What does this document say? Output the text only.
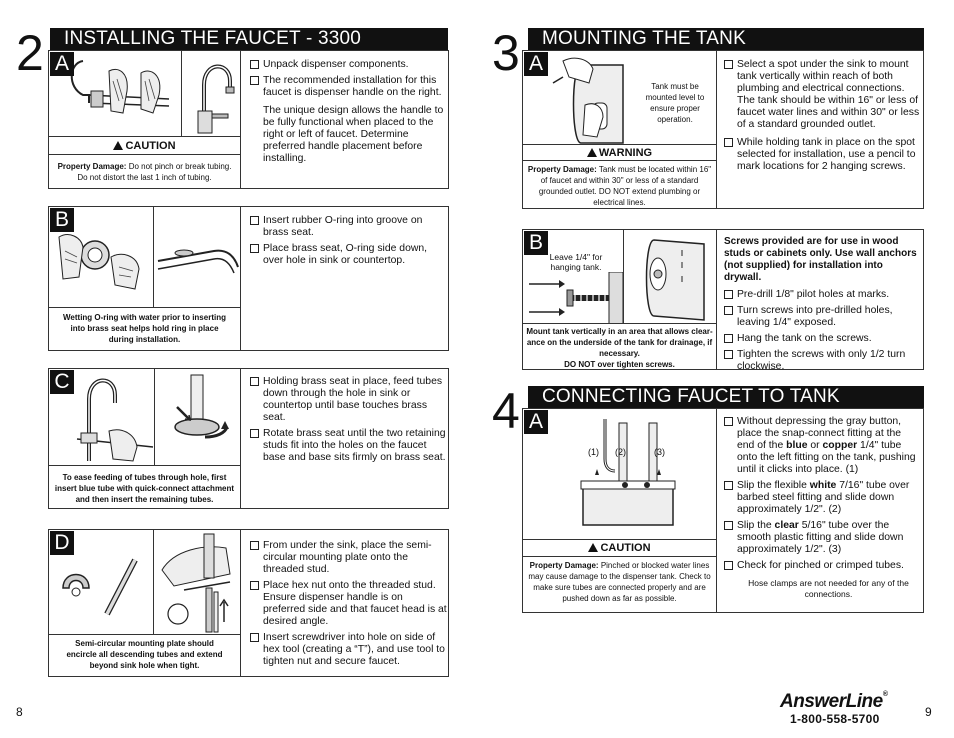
2	INSTALLING THE FAUCET - 3300
A
CAUTION
Property Damage: Do not pinch or break tubing. Do not distort the last 1 inch of tubing.
Unpack dispenser components.
The recommended installation for this faucet is dispenser handle on the right.
The unique design allows the handle to be fully functional when placed to the right or left of faucet. Determine preferred handle placement before installing.
B
Wetting O-ring with water prior to inserting into brass seat helps hold ring in place during installation.
Insert rubber O-ring into groove on brass seat.
Place brass seat, O-ring side down, over hole in sink or countertop.
C
To ease feeding of tubes through hole, first insert blue tube with quick-connect attachment and then insert the remaining tubes.
Holding brass seat in place, feed tubes down through the hole in sink or countertop until base touches brass seat.
Rotate brass seat until the two retaining studs fit into the holes on the faucet base and base sits firmly on brass seat.
D
Semi-circular mounting plate should encircle all descending tubes and extend beyond sink hole when tight.
From under the sink, place the semi-circular mounting plate onto the threaded stud.
Place hex nut onto the threaded stud. Ensure dispenser handle is on preferred side and that faucet head is at desired angle.
Insert screwdriver into hole on side of hex tool (creating a “T”), and use tool to tighten nut and secure faucet.
8
3	MOUNTING THE TANK
A
Tank must be mounted level to ensure proper operation.
WARNING
Property Damage: Tank must be located within 16" of faucet and within 30" or less of a standard grounded outlet. DO NOT extend plumbing or electrical lines.
Select a spot under the sink to mount tank vertically within reach of both plumbing and electrical connections. The tank should be within 16" or less of faucet water lines and within 30" or less of a standard grounded outlet.
While holding tank in place on the spot selected for installation, use a pencil to mark locations for 2 hanging screws.
B
Leave 1/4" for hanging tank.
Mount tank vertically in an area that allows clear-ance on the underside of the tank for drainage, if necessary.
DO NOT over tighten screws.
Screws provided are for use in wood studs or cabinets only. Use wall anchors (not supplied) for installation into drywall.
Pre-drill 1/8" pilot holes at marks.
Turn screws into pre-drilled holes, leaving 1/4" exposed.
Hang the tank on the screws.
Tighten the screws with only 1/2 turn clockwise.
4	CONNECTING FAUCET TO TANK
A
(1) (2)	(3)
CAUTION
Property Damage: Pinched or blocked water lines may cause damage to the dispenser tank. Check to make sure tubes are connected properly and are pushed down as far as possible.
Without depressing the gray button, place the snap-connect fitting at the end of the blue or copper 1/4" tube onto the left fitting on the tank, pushing until it clicks into place. (1)
Slip the flexible white 7/16" tube over barbed steel fitting and slide down approximately 1/2". (2)
Slip the clear 5/16" tube over the smooth plastic fitting and slide down approximately 1/2". (3)
Check for pinched or crimped tubes.
Hose clamps are not needed for any of the connections.
9
AnswerLine®
1-800-558-5700
